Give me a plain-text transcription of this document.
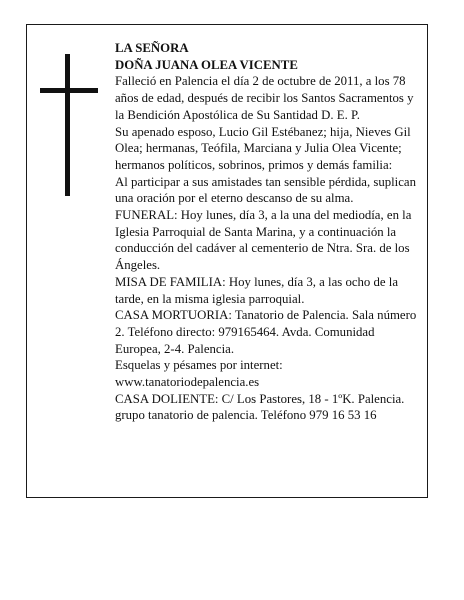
LA SEÑORA

DOÑA JUANA OLEA VICENTE

Falleció en Palencia el día 2 de octubre de 2011, a los 78 años de edad, después de recibir los Santos Sacramentos y la Bendición Apostólica de Su Santidad D. E. P.

Su apenado esposo, Lucio Gil Estébanez; hija, Nieves Gil Olea; hermanas, Teófila, Marciana y Julia Olea Vicente; hermanos políticos, sobrinos, primos y demás familia:

Al participar a sus amistades tan sensible pérdida, suplican una oración por el eterno descanso de su alma.

FUNERAL: Hoy lunes, día 3, a la una del mediodía, en la Iglesia Parroquial de Santa Marina, y a continuación la conducción del cadáver al cementerio de Ntra. Sra. de los Ángeles.

MISA DE FAMILIA: Hoy lunes, día 3, a las ocho de la tarde, en la misma iglesia parroquial.

CASA MORTUORIA: Tanatorio de Palencia. Sala número 2. Teléfono directo: 979165464. Avda. Comunidad Europea, 2-4. Palencia.

Esquelas y pésames por internet: www.tanatoriodepalencia.es

CASA DOLIENTE: C/ Los Pastores, 18 - 1ºK. Palencia.

grupo tanatorio de palencia. Teléfono 979 16 53 16
